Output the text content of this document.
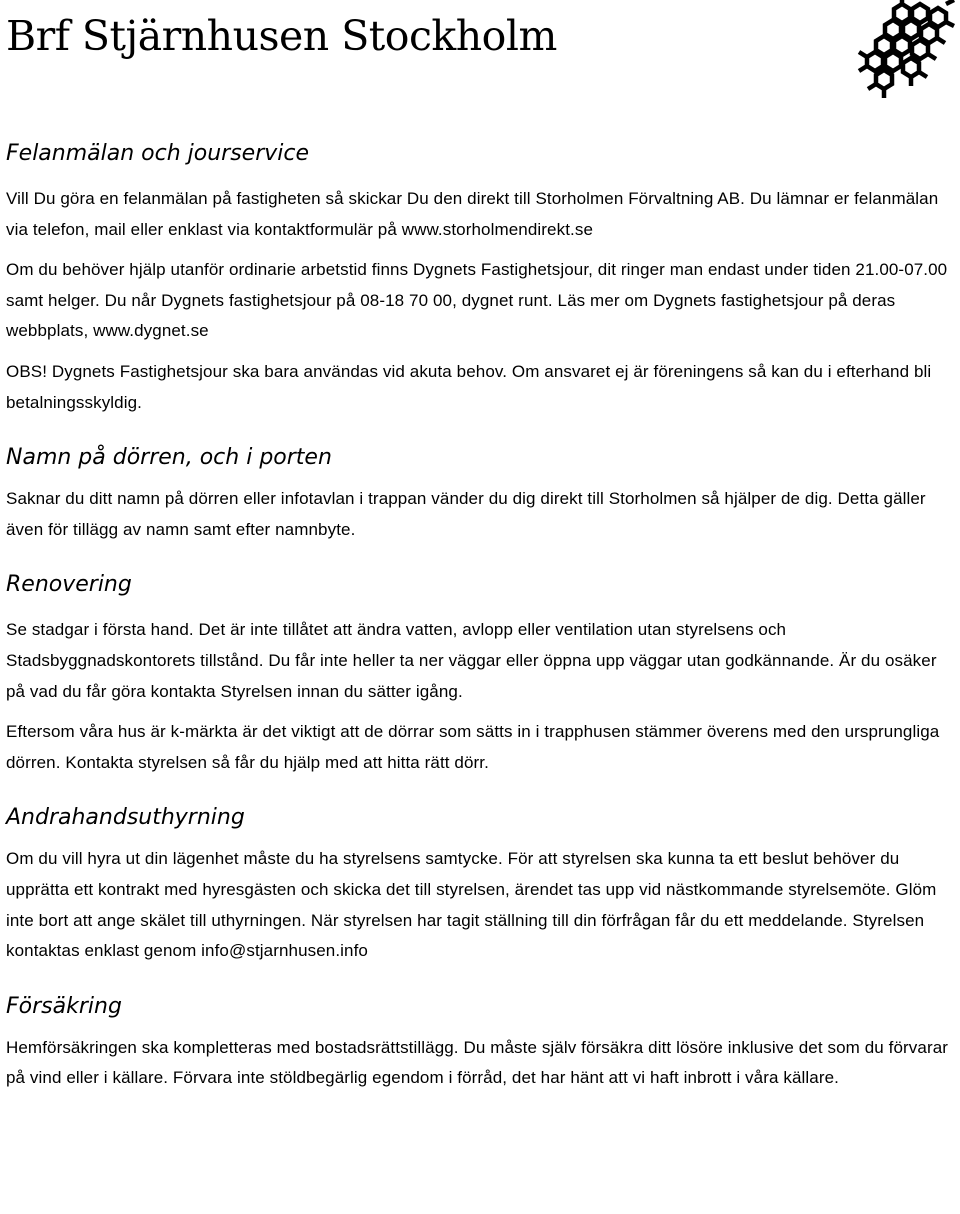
Brf Stjärnhusen Stockholm
Felanmälan och jourservice

Vill Du göra en felanmälan på fastigheten så skickar Du den direkt till Storholmen Förvaltning AB. Du lämnar er felanmälan via telefon, mail eller enklast via kontaktformulär på www.storholmendirekt.se

Om du behöver hjälp utanför ordinarie arbetstid finns Dygnets Fastighetsjour, dit ringer man endast under tiden 21.00-07.00 samt helger. Du når Dygnets fastighetsjour på 08-18 70 00, dygnet runt. Läs mer om Dygnets fastighetsjour på deras webbplats, www.dygnet.se

OBS! Dygnets Fastighetsjour ska bara användas vid akuta behov. Om ansvaret ej är föreningens så kan du i efterhand bli betalningsskyldig.

Namn på dörren, och i porten

Saknar du ditt namn på dörren eller infotavlan i trappan vänder du dig direkt till Storholmen så hjälper de dig. Detta gäller även för tillägg av namn samt efter namnbyte.

Renovering

Se stadgar i första hand. Det är inte tillåtet att ändra vatten, avlopp eller ventilation utan styrelsens och Stadsbyggnadskontorets tillstånd. Du får inte heller ta ner väggar eller öppna upp väggar utan godkännande. Är du osäker på vad du får göra kontakta Styrelsen innan du sätter igång.

Eftersom våra hus är k-märkta är det viktigt att de dörrar som sätts in i trapphusen stämmer överens med den ursprungliga dörren. Kontakta styrelsen så får du hjälp med att hitta rätt dörr.

Andrahandsuthyrning

Om du vill hyra ut din lägenhet måste du ha styrelsens samtycke. För att styrelsen ska kunna ta ett beslut behöver du upprätta ett kontrakt med hyresgästen och skicka det till styrelsen, ärendet tas upp vid nästkommande styrelsemöte. Glöm inte bort att ange skälet till uthyrningen. När styrelsen har tagit ställning till din förfrågan får du ett meddelande. Styrelsen kontaktas enklast genom info@stjarnhusen.info

Försäkring

Hemförsäkringen ska kompletteras med bostadsrättstillägg. Du måste själv försäkra ditt lösöre inklusive det som du förvarar på vind eller i källare. Förvara inte stöldbegärlig egendom i förråd, det har hänt att vi haft inbrott i våra källare.
